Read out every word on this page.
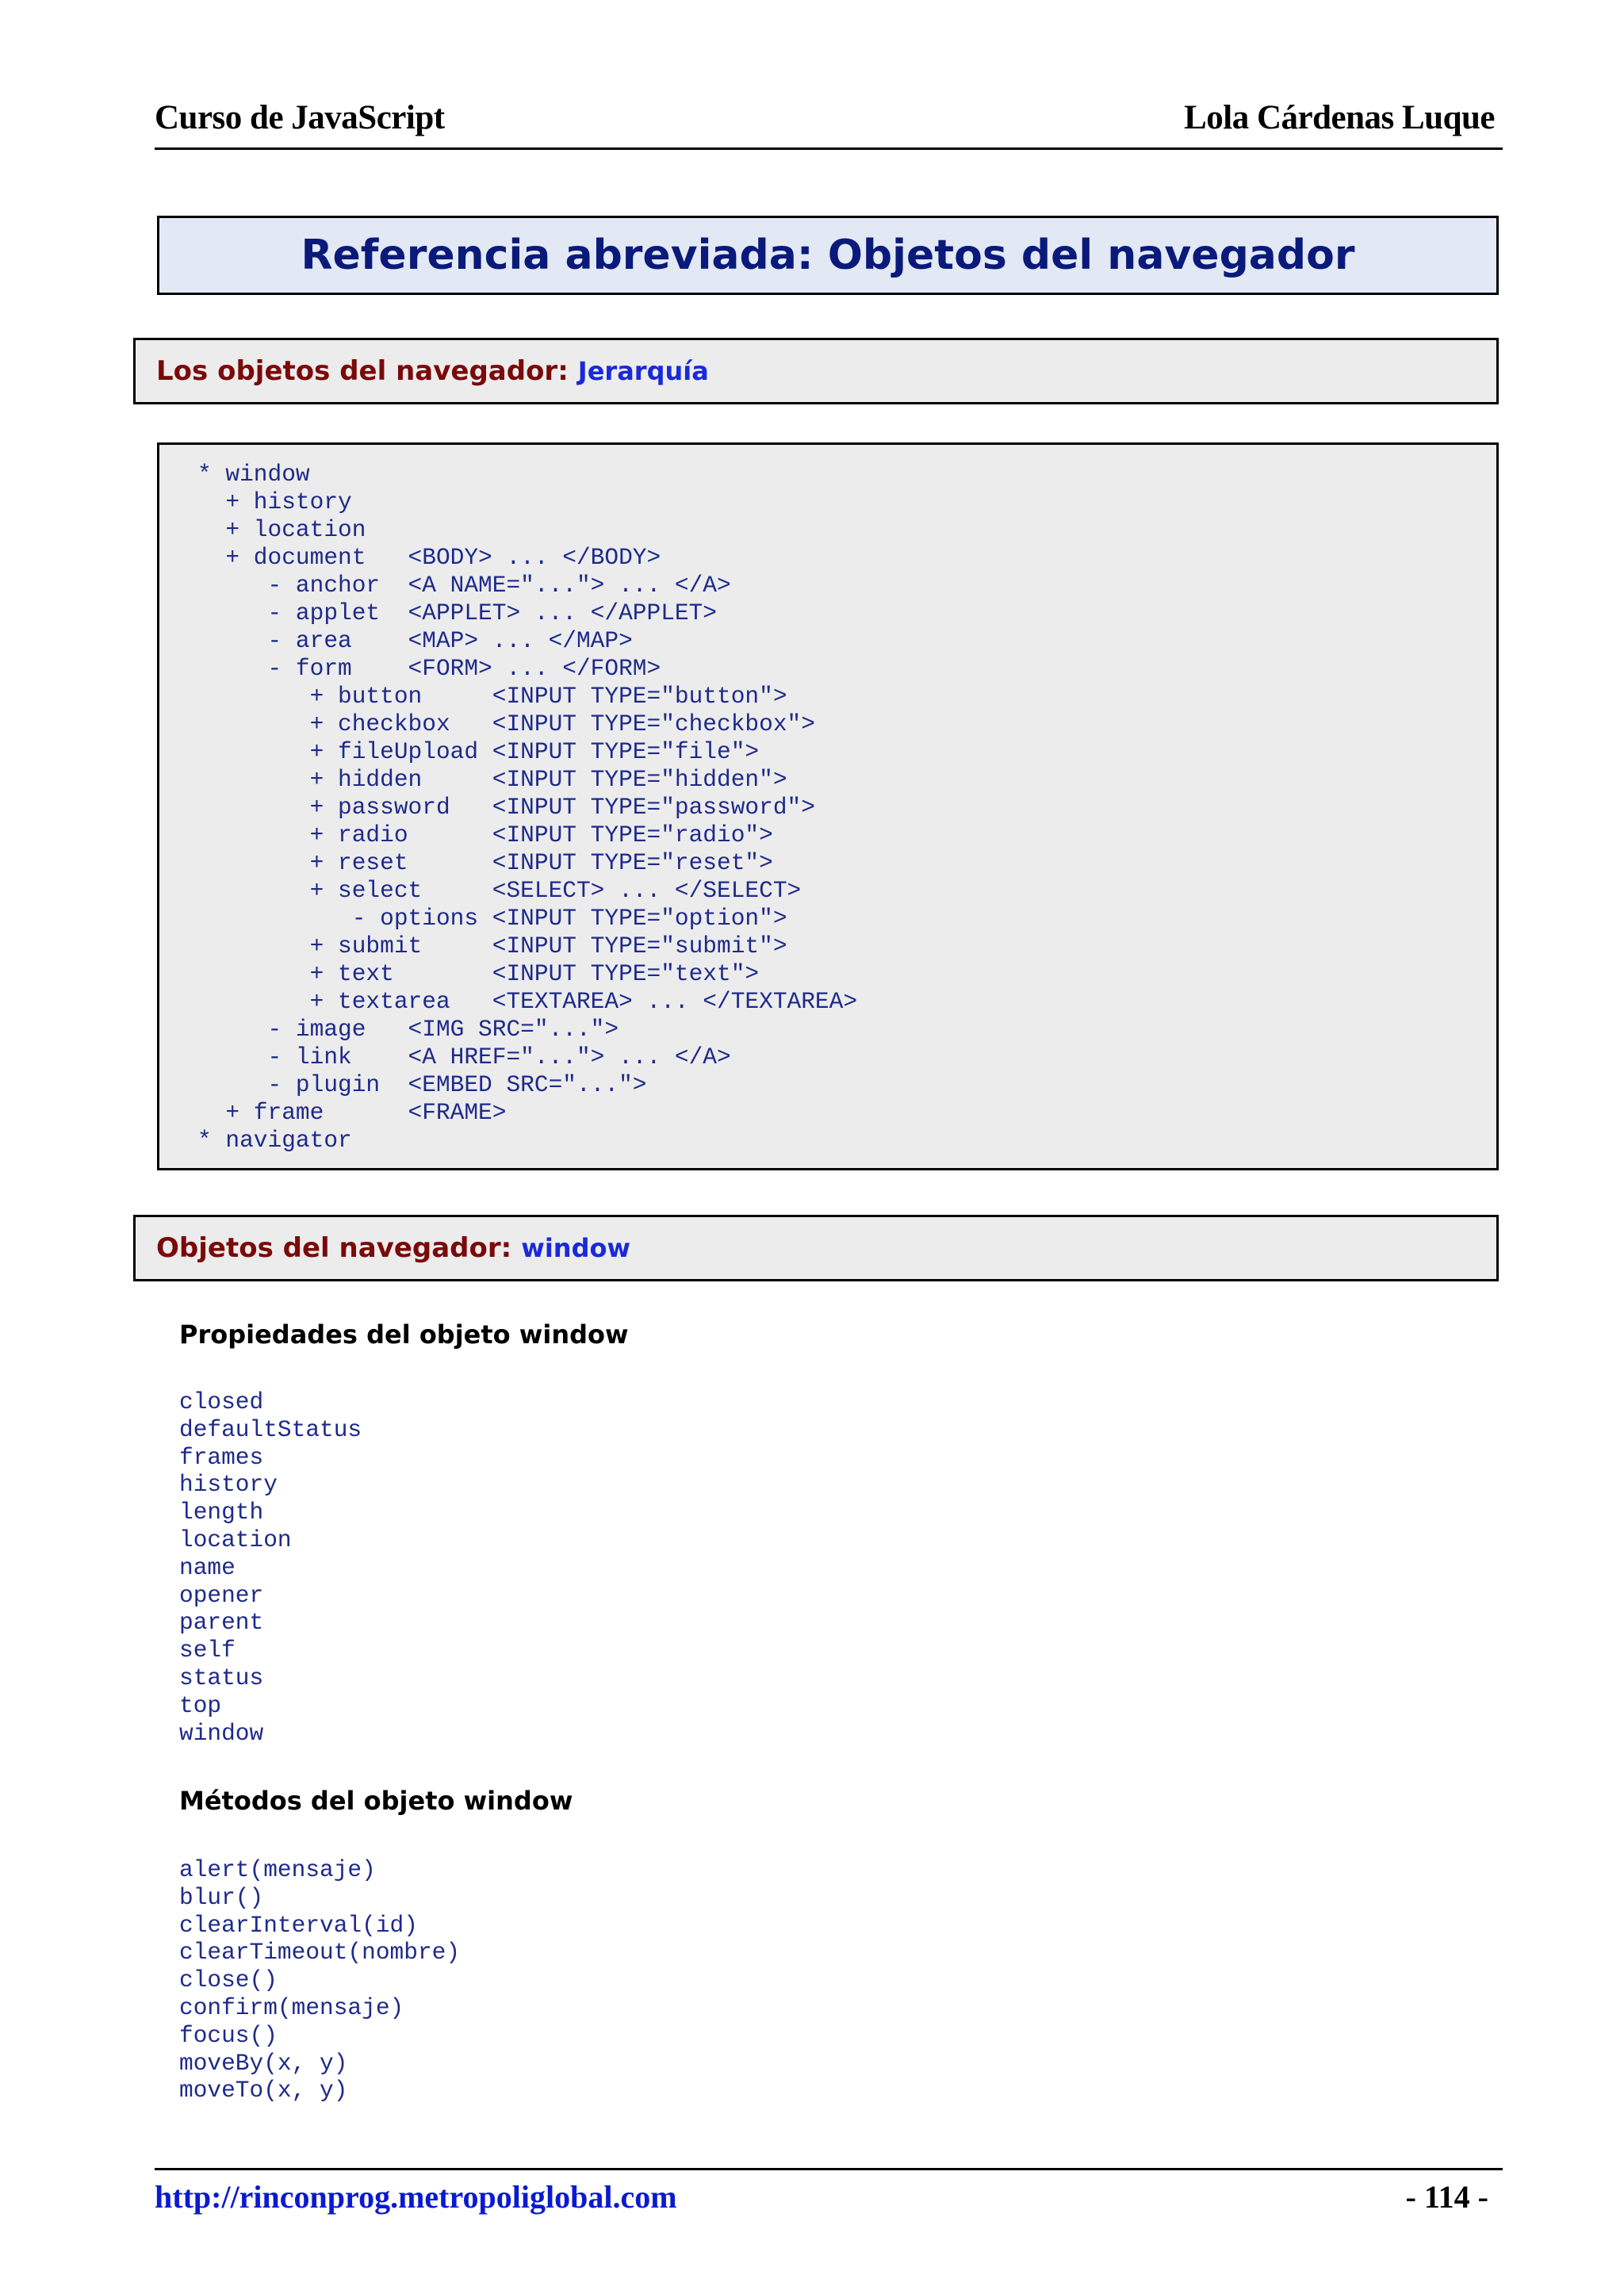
Curso de JavaScript	Lola Cárdenas Luque
Referencia abreviada: Objetos del navegador
Los objetos del navegador: Jerarquía
* window
+ history
+ location
+ document   <BODY> ... </BODY>
- anchor  <A NAME="..."> ... </A>
- applet  <APPLET> ... </APPLET>
- area    <MAP> ... </MAP>
- form    <FORM> ... </FORM>
+ button     <INPUT TYPE="button">
+ checkbox   <INPUT TYPE="checkbox">
+ fileUpload <INPUT TYPE="file">
+ hidden     <INPUT TYPE="hidden">
+ password   <INPUT TYPE="password">
+ radio      <INPUT TYPE="radio">
+ reset      <INPUT TYPE="reset">
+ select     <SELECT> ... </SELECT>
- options <INPUT TYPE="option">
+ submit     <INPUT TYPE="submit">
+ text       <INPUT TYPE="text">
+ textarea   <TEXTAREA> ... </TEXTAREA>
- image   <IMG SRC="...">
- link    <A HREF="..."> ... </A>
- plugin  <EMBED SRC="...">
+ frame      <FRAME>
* navigator
Objetos del navegador: window
Propiedades del objeto window
closed
defaultStatus
frames
history
length
location
name
opener
parent
self
status
top
window
Métodos del objeto window
alert(mensaje)
blur()
clearInterval(id)
clearTimeout(nombre)
close()
confirm(mensaje)
focus()
moveBy(x, y)
moveTo(x, y)
http://rinconprog.metropoliglobal.com	- 114 -
